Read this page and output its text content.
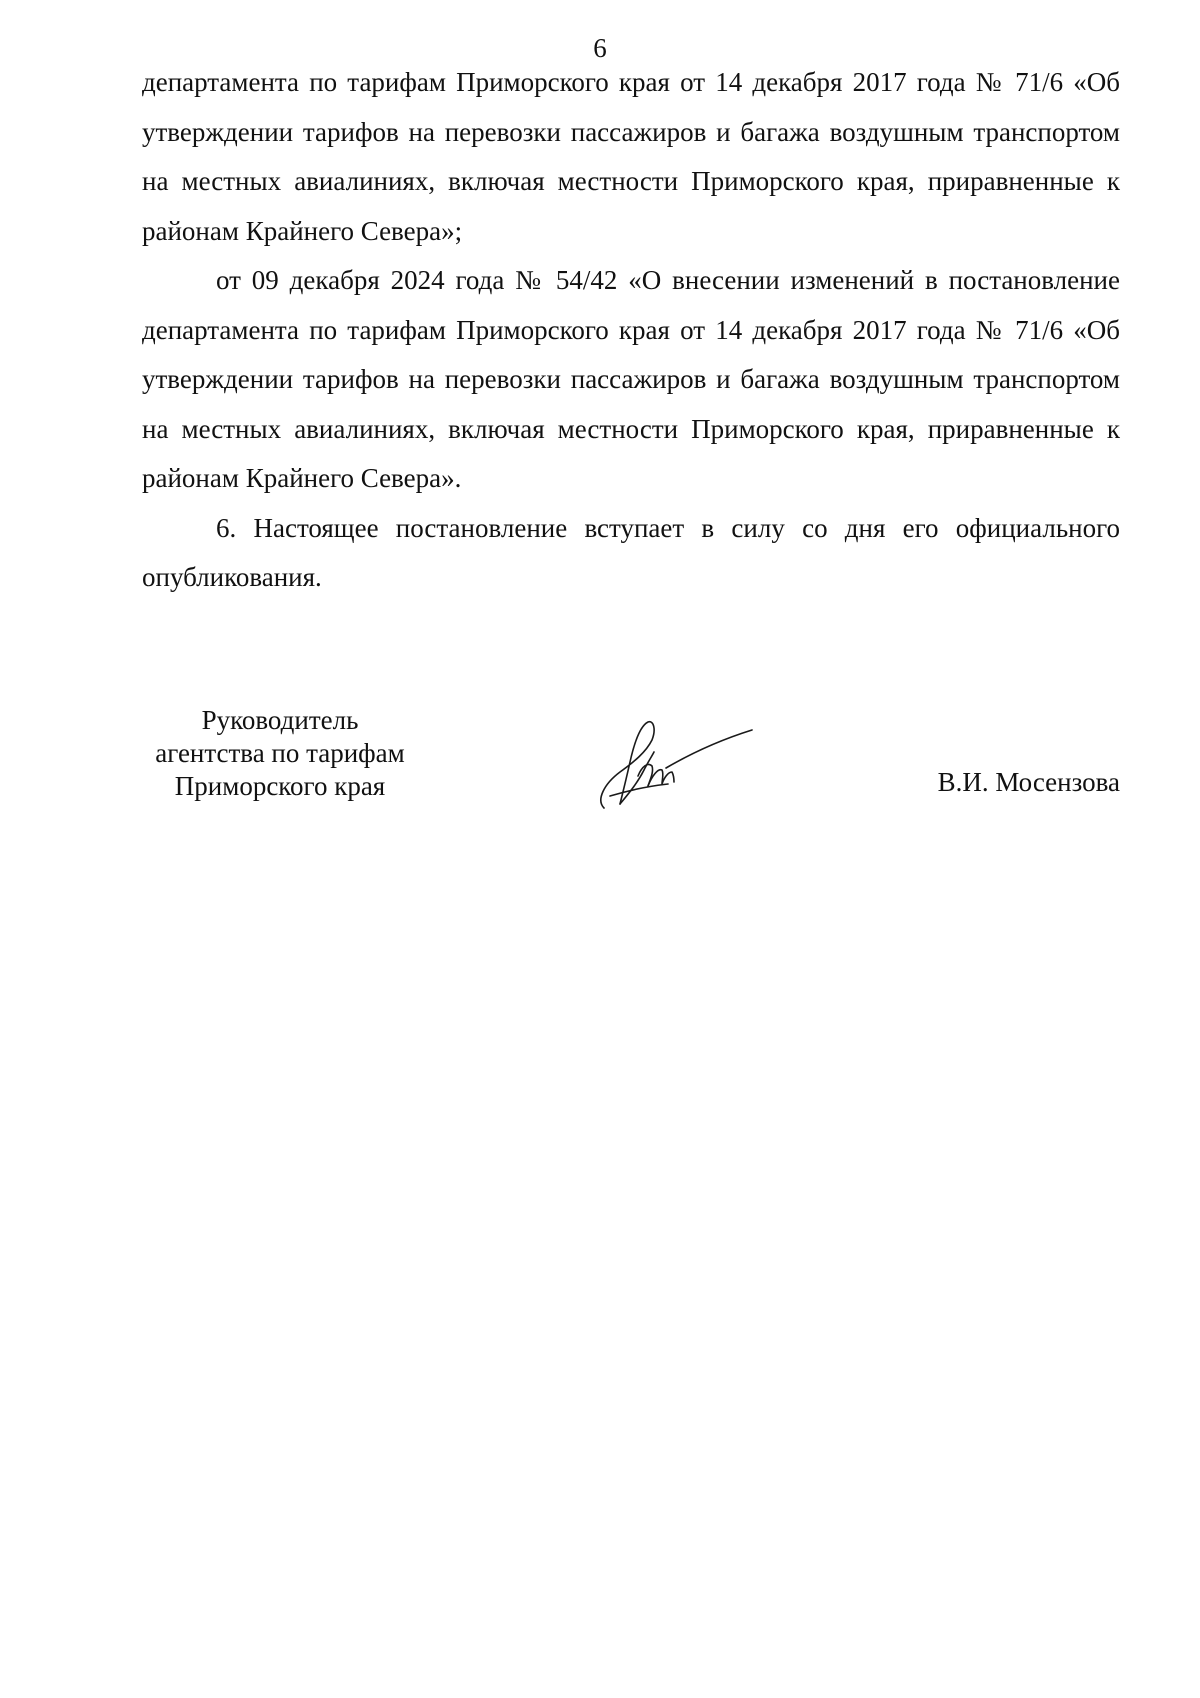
6

департамента по тарифам Приморского края от 14 декабря 2017 года № 71/6 «Об утверждении тарифов на перевозки пассажиров и багажа воздушным транспортом на местных авиалиниях, включая местности Приморского края, приравненные к районам Крайнего Севера»;

от 09 декабря 2024 года № 54/42 «О внесении изменений в постановление департамента по тарифам Приморского края от 14 декабря 2017 года № 71/6 «Об утверждении тарифов на перевозки пассажиров и багажа воздушным транспортом на местных авиалиниях, включая местности Приморского края, приравненные к районам Крайнего Севера».

6. Настоящее постановление вступает в силу со дня его официального опубликования.

Руководитель
агентства по тарифам
Приморского края	В.И. Мосензова
